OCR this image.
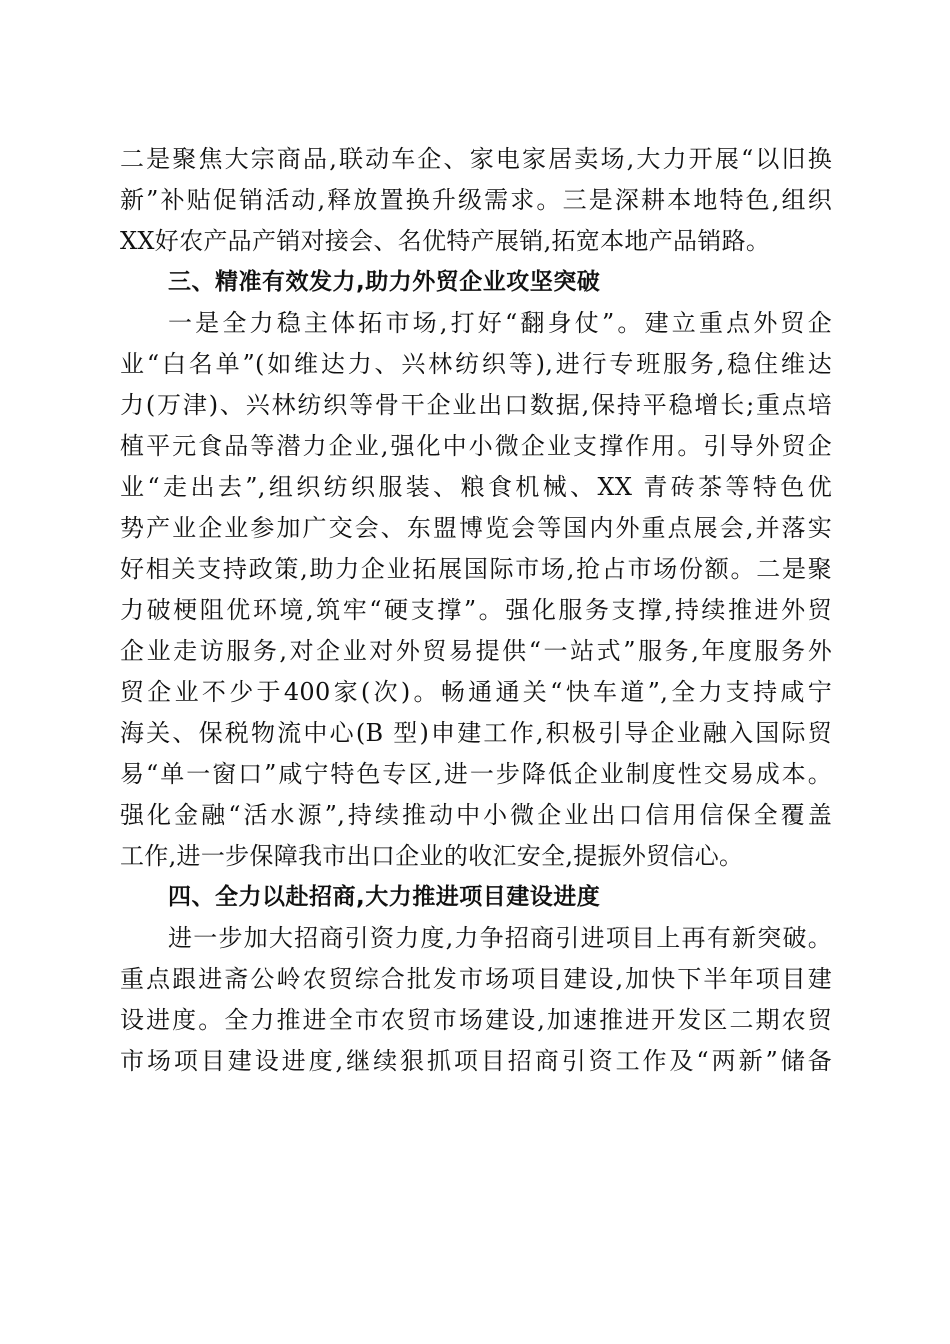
二是聚焦大宗商品,联动车企、家电家居卖场,大力开展“以旧换
新”补贴促销活动,释放置换升级需求。三是深耕本地特色,组织
XX好农产品产销对接会、名优特产展销,拓宽本地产品销路。
三、精准有效发力,助力外贸企业攻坚突破
一是全力稳主体拓市场,打好“翻身仗”。建立重点外贸企
业“白名单”(如维达力、兴林纺织等),进行专班服务,稳住维达
力(万津)、兴林纺织等骨干企业出口数据,保持平稳增长;重点培
植平元食品等潜力企业,强化中小微企业支撑作用。引导外贸企
业“走出去”,组织纺织服装、粮食机械、XX 青砖茶等特色优
势产业企业参加广交会、东盟博览会等国内外重点展会,并落实
好相关支持政策,助力企业拓展国际市场,抢占市场份额。二是聚
力破梗阻优环境,筑牢“硬支撑”。强化服务支撑,持续推进外贸
企业走访服务,对企业对外贸易提供“一站式”服务,年度服务外
贸企业不少于400家(次)。畅通通关“快车道”,全力支持咸宁
海关、保税物流中心(B 型)申建工作,积极引导企业融入国际贸
易“单一窗口”咸宁特色专区,进一步降低企业制度性交易成本。
强化金融“活水源”,持续推动中小微企业出口信用信保全覆盖
工作,进一步保障我市出口企业的收汇安全,提振外贸信心。
四、全力以赴招商,大力推进项目建设进度
进一步加大招商引资力度,力争招商引进项目上再有新突破。
重点跟进斋公岭农贸综合批发市场项目建设,加快下半年项目建
设进度。全力推进全市农贸市场建设,加速推进开发区二期农贸
市场项目建设进度,继续狠抓项目招商引资工作及“两新”储备
